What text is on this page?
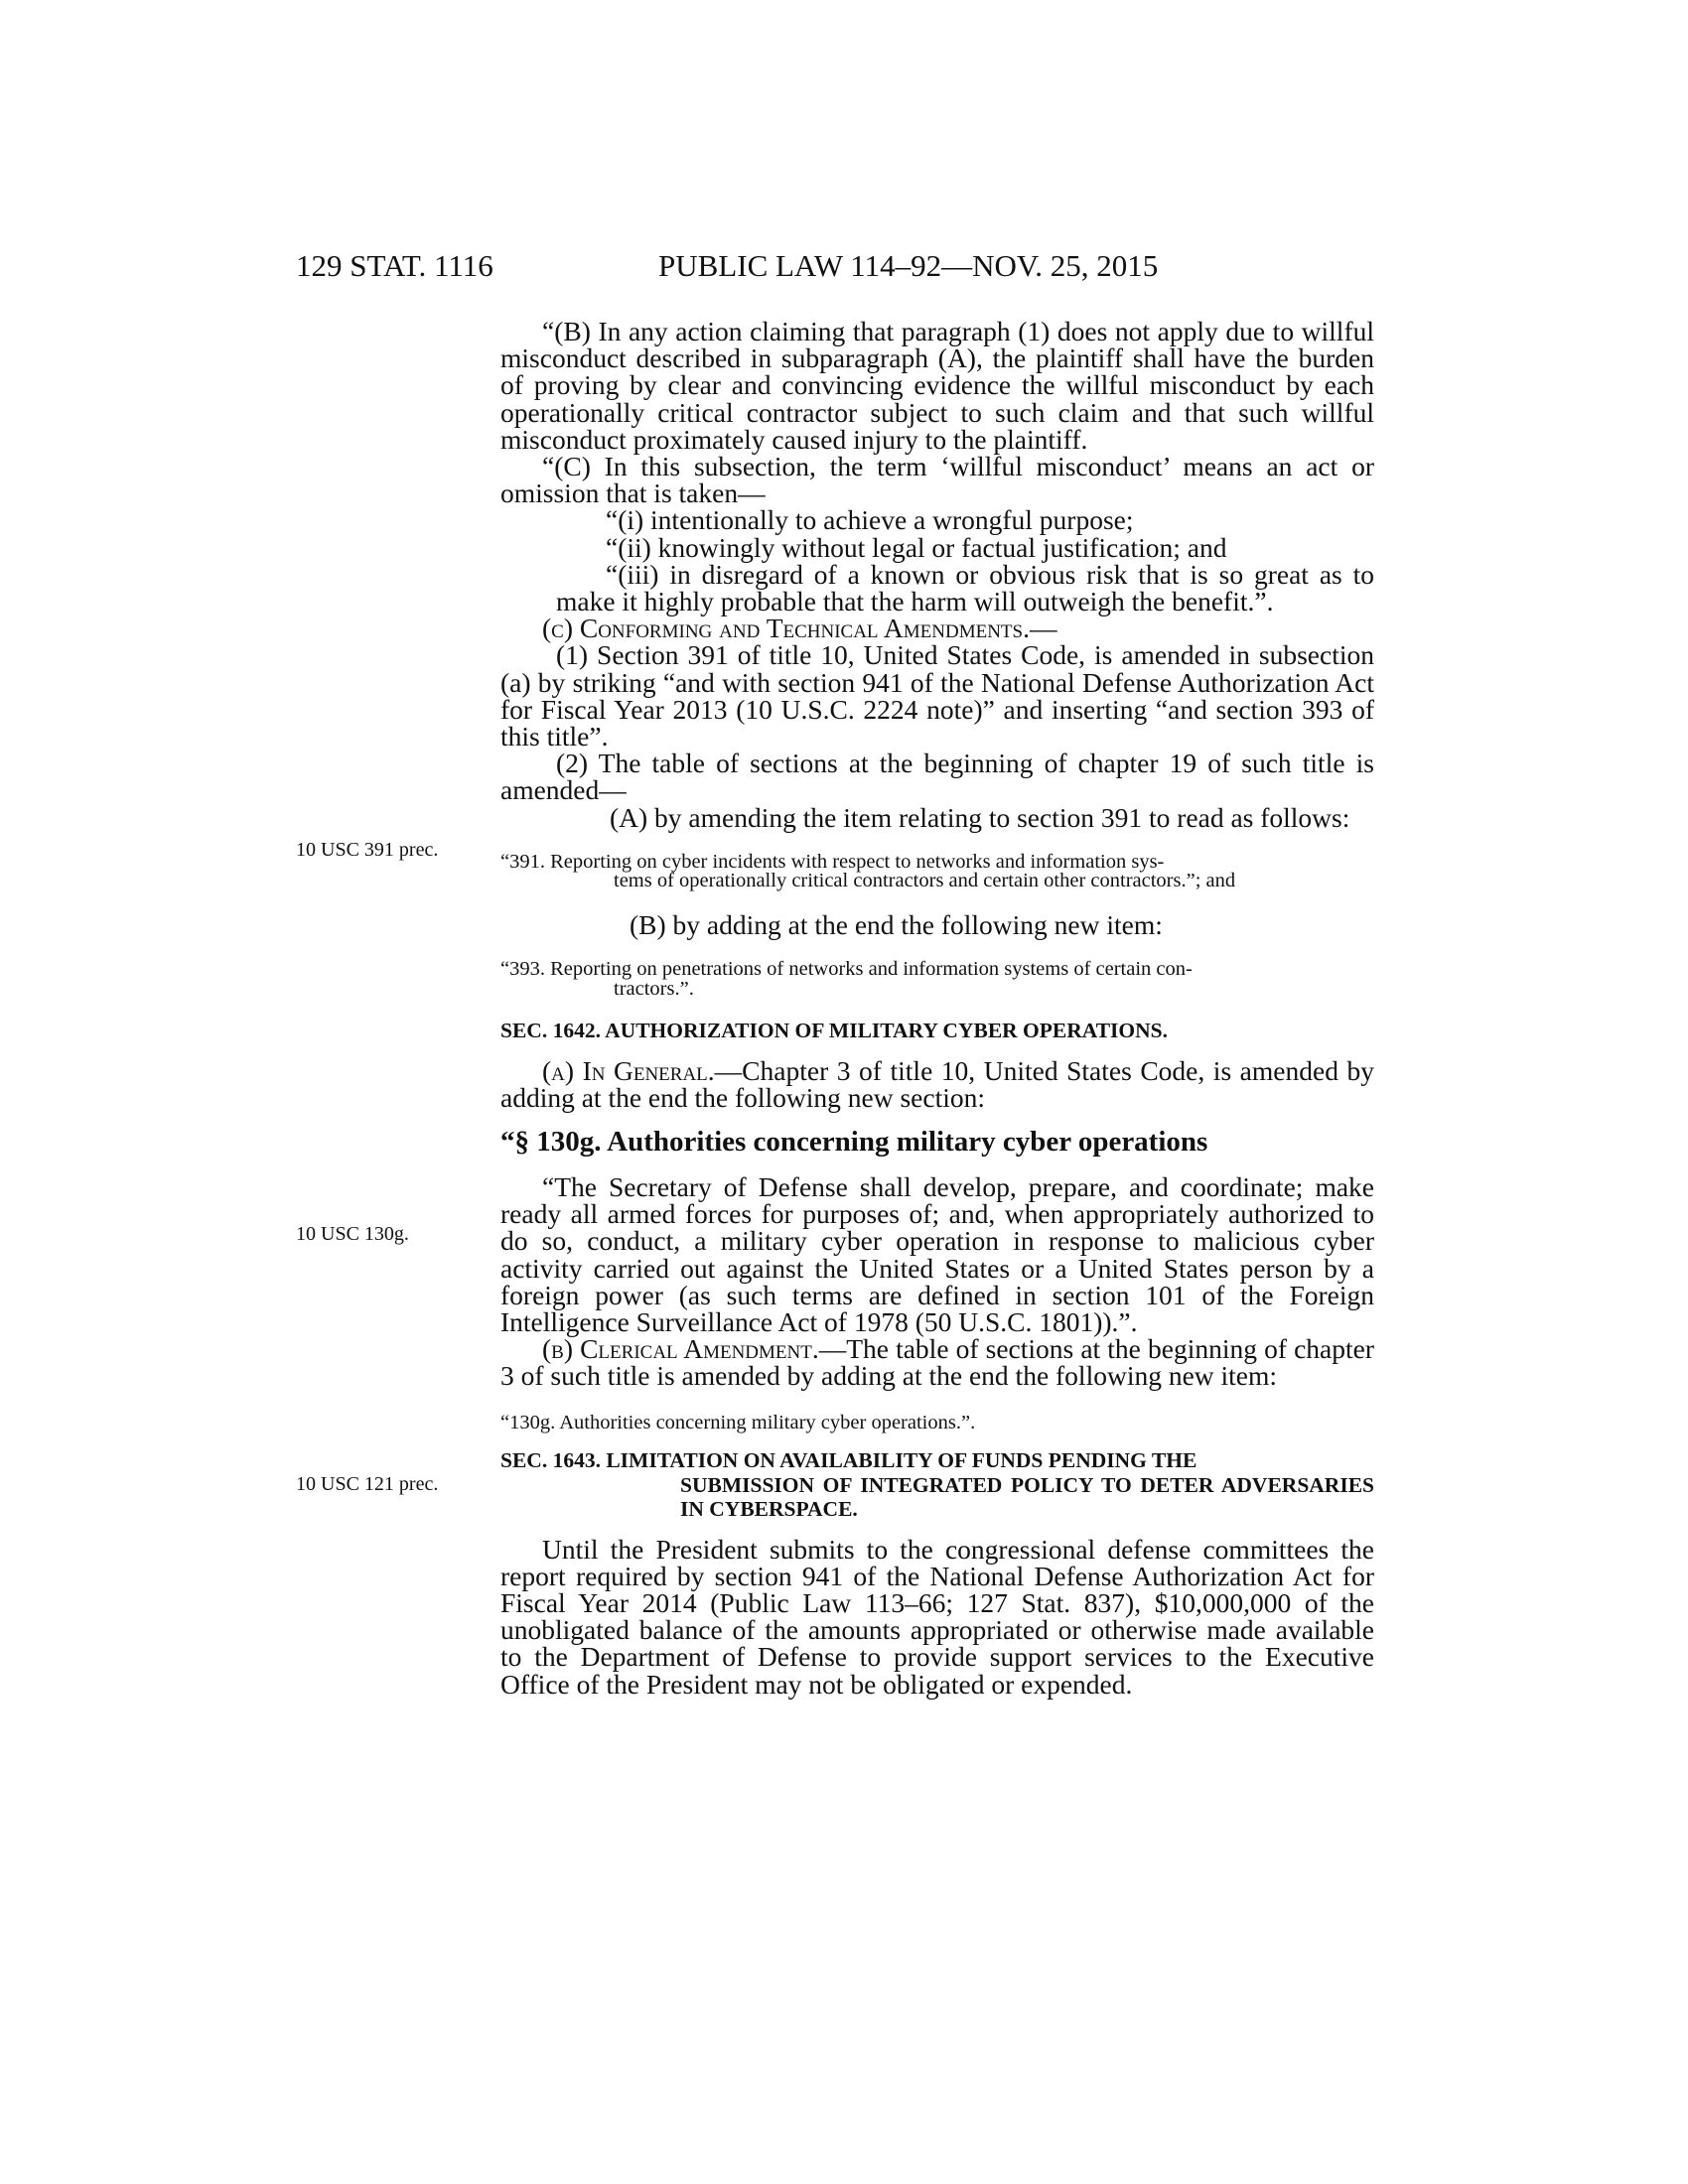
129 STAT. 1116	PUBLIC LAW 114–92—NOV. 25, 2015
10 USC 391 prec.
10 USC 130g.
10 USC 121 prec.

“(B) In any action claiming that paragraph (1) does not apply due to willful misconduct described in subparagraph (A), the plaintiff shall have the burden of proving by clear and convincing evidence the willful misconduct by each operationally critical contractor subject to such claim and that such willful misconduct proximately caused injury to the plaintiff.

“(C) In this subsection, the term ‘willful misconduct’ means an act or omission that is taken—

“(i) intentionally to achieve a wrongful purpose;

“(ii) knowingly without legal or factual justification; and

“(iii) in disregard of a known or obvious risk that is so great as to make it highly probable that the harm will outweigh the benefit.”.

(c) Conforming and Technical Amendments.—

(1) Section 391 of title 10, United States Code, is amended in subsection (a) by striking “and with section 941 of the National Defense Authorization Act for Fiscal Year 2013 (10 U.S.C. 2224 note)” and inserting “and section 393 of this title”.

(2) The table of sections at the beginning of chapter 19 of such title is amended—

(A) by amending the item relating to section 391 to read as follows:

“391. Reporting on cyber incidents with respect to networks and information sys-
tems of operationally critical contractors and certain other contractors.”; and

(B) by adding at the end the following new item:

“393. Reporting on penetrations of networks and information systems of certain con-
tractors.”.
SEC. 1642. AUTHORIZATION OF MILITARY CYBER OPERATIONS.

(a) In General.—Chapter 3 of title 10, United States Code, is amended by adding at the end the following new section:

“§ 130g. Authorities concerning military cyber operations

“The Secretary of Defense shall develop, prepare, and coordinate; make ready all armed forces for purposes of; and, when appropriately authorized to do so, conduct, a military cyber operation in response to malicious cyber activity carried out against the United States or a United States person by a foreign power (as such terms are defined in section 101 of the Foreign Intelligence Surveillance Act of 1978 (50 U.S.C. 1801)).”.

(b) Clerical Amendment.—The table of sections at the beginning of chapter 3 of such title is amended by adding at the end the following new item:

“130g. Authorities concerning military cyber operations.”.
SEC. 1643. LIMITATION ON AVAILABILITY OF FUNDS PENDING THE
SUBMISSION OF INTEGRATED POLICY TO DETER ADVERSARIES IN CYBERSPACE.

Until the President submits to the congressional defense committees the report required by section 941 of the National Defense Authorization Act for Fiscal Year 2014 (Public Law 113–66; 127 Stat. 837), $10,000,000 of the unobligated balance of the amounts appropriated or otherwise made available to the Department of Defense to provide support services to the Executive Office of the President may not be obligated or expended.
